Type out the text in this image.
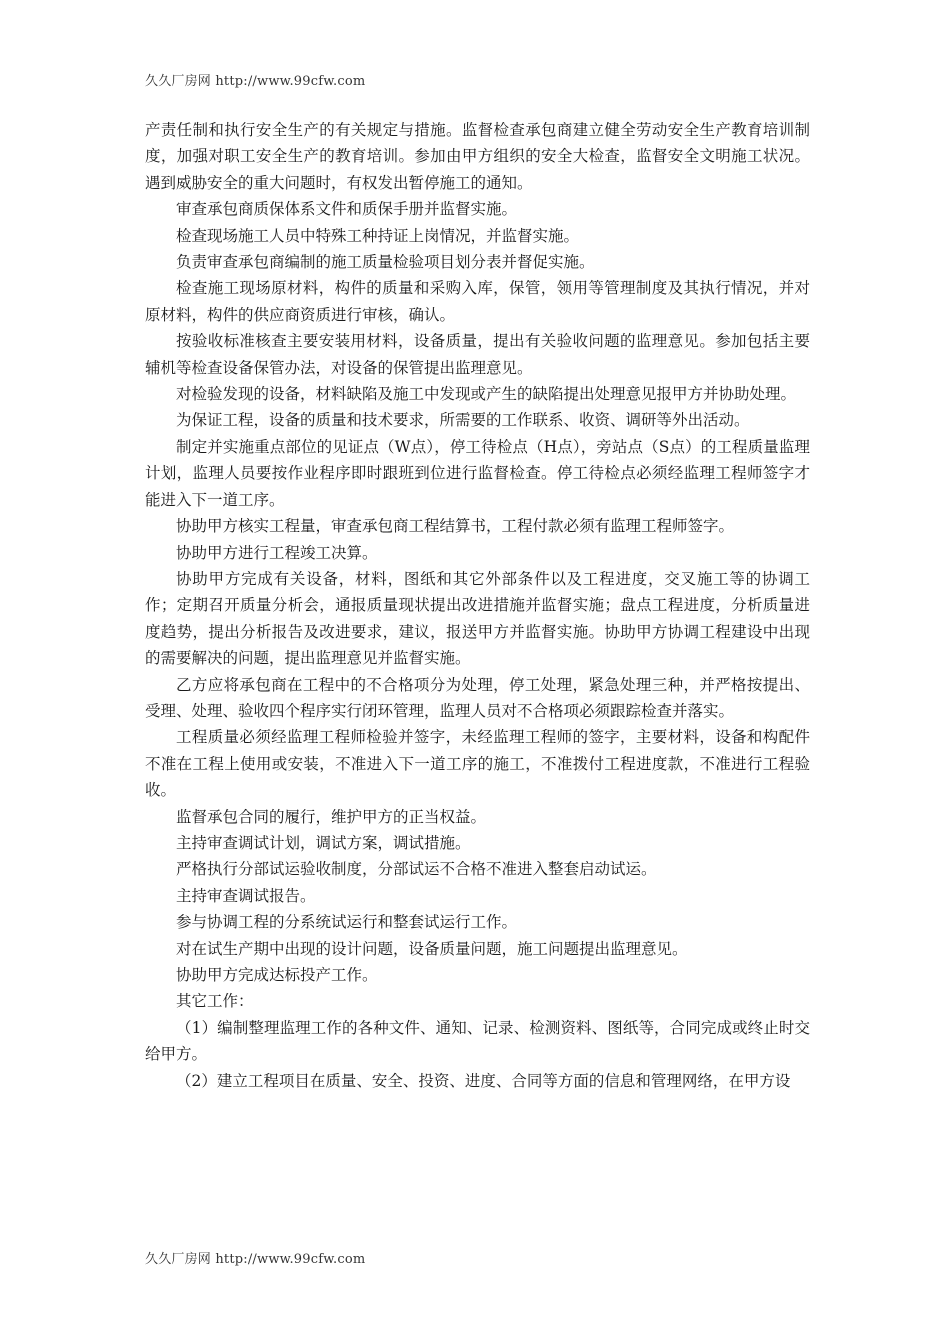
久久厂房网 http://www.99cfw.com

产责任制和执行安全生产的有关规定与措施。监督检查承包商建立健全劳动安全生产教育培训制度，加强对职工安全生产的教育培训。参加由甲方组织的安全大检查，监督安全文明施工状况。遇到威胁安全的重大问题时，有权发出暂停施工的通知。

审查承包商质保体系文件和质保手册并监督实施。

检查现场施工人员中特殊工种持证上岗情况，并监督实施。

负责审查承包商编制的施工质量检验项目划分表并督促实施。

检查施工现场原材料，构件的质量和采购入库，保管，领用等管理制度及其执行情况，并对原材料，构件的供应商资质进行审核，确认。

按验收标准核查主要安装用材料，设备质量，提出有关验收问题的监理意见。参加包括主要辅机等检查设备保管办法，对设备的保管提出监理意见。

对检验发现的设备，材料缺陷及施工中发现或产生的缺陷提出处理意见报甲方并协助处理。

为保证工程，设备的质量和技术要求，所需要的工作联系、收资、调研等外出活动。

制定并实施重点部位的见证点（W点），停工待检点（H点），旁站点（S点）的工程质量监理计划，监理人员要按作业程序即时跟班到位进行监督检查。停工待检点必须经监理工程师签字才能进入下一道工序。

协助甲方核实工程量，审查承包商工程结算书，工程付款必须有监理工程师签字。

协助甲方进行工程竣工决算。

协助甲方完成有关设备，材料，图纸和其它外部条件以及工程进度，交叉施工等的协调工作；定期召开质量分析会，通报质量现状提出改进措施并监督实施；盘点工程进度，分析质量进度趋势，提出分析报告及改进要求，建议，报送甲方并监督实施。协助甲方协调工程建设中出现的需要解决的问题，提出监理意见并监督实施。

乙方应将承包商在工程中的不合格项分为处理，停工处理，紧急处理三种，并严格按提出、受理、处理、验收四个程序实行闭环管理，监理人员对不合格项必须跟踪检查并落实。

工程质量必须经监理工程师检验并签字，未经监理工程师的签字，主要材料，设备和构配件不准在工程上使用或安装，不准进入下一道工序的施工，不准拨付工程进度款，不准进行工程验收。

监督承包合同的履行，维护甲方的正当权益。

主持审查调试计划，调试方案，调试措施。

严格执行分部试运验收制度，分部试运不合格不准进入整套启动试运。

主持审查调试报告。

参与协调工程的分系统试运行和整套试运行工作。

对在试生产期中出现的设计问题，设备质量问题，施工问题提出监理意见。

协助甲方完成达标投产工作。

其它工作：

（1）编制整理监理工作的各种文件、通知、记录、检测资料、图纸等，合同完成或终止时交给甲方。

（2）建立工程项目在质量、安全、投资、进度、合同等方面的信息和管理网络，在甲方设

久久厂房网 http://www.99cfw.com
